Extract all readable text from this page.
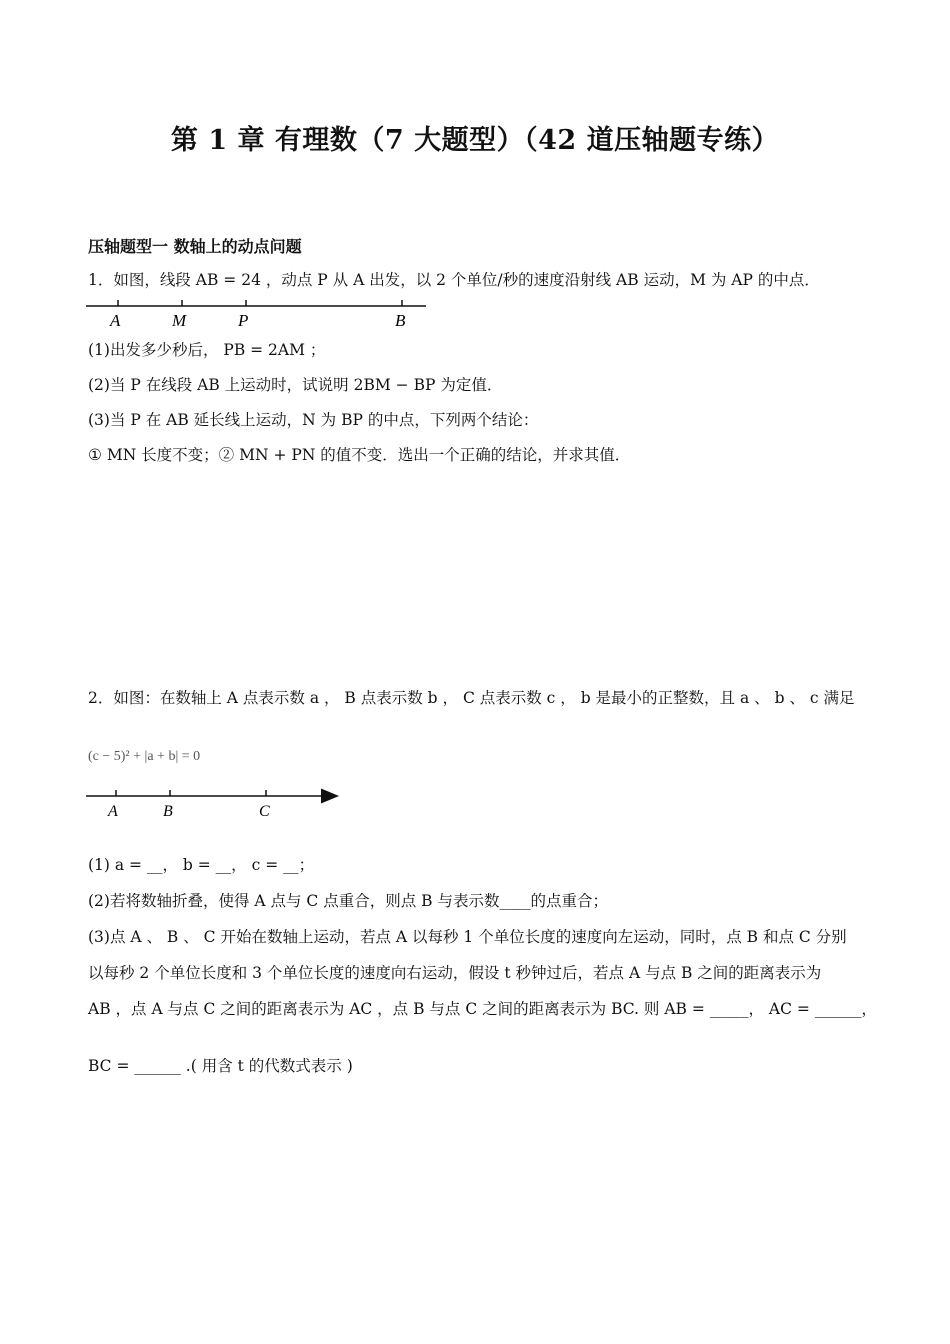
第 1 章 有理数（7 大题型）（42 道压轴题专练）
压轴题型一 数轴上的动点问题
1．如图，线段 AB = 24 ，动点 P 从 A 出发，以 2 个单位/秒的速度沿射线 AB 运动，M 为 AP 的中点．
A	M	P	B
(1)出发多少秒后， PB = 2AM ；
(2)当 P 在线段 AB 上运动时，试说明 2BM − BP 为定值．
(3)当 P 在 AB 延长线上运动，N 为 BP 的中点，下列两个结论：
① MN 长度不变；② MN + PN 的值不变．选出一个正确的结论，并求其值．
2．如图：在数轴上 A 点表示数 a ， B 点表示数 b ， C 点表示数 c ， b 是最小的正整数，且 a 、 b 、 c 满足
(c − 5)² + |a + b| = 0
A	B	C
(1) a = __， b = __， c = __；
(2)若将数轴折叠，使得 A 点与 C 点重合，则点 B 与表示数____的点重合；
(3)点 A 、 B 、 C 开始在数轴上运动，若点 A 以每秒 1 个单位长度的速度向左运动，同时，点 B 和点 C 分别
以每秒 2 个单位长度和 3 个单位长度的速度向右运动，假设 t 秒钟过后，若点 A 与点 B 之间的距离表示为
AB ，点 A 与点 C 之间的距离表示为 AC ，点 B 与点 C 之间的距离表示为 BC. 则 AB = _____， AC = ______，
BC = ______ .( 用含 t 的代数式表示 )
